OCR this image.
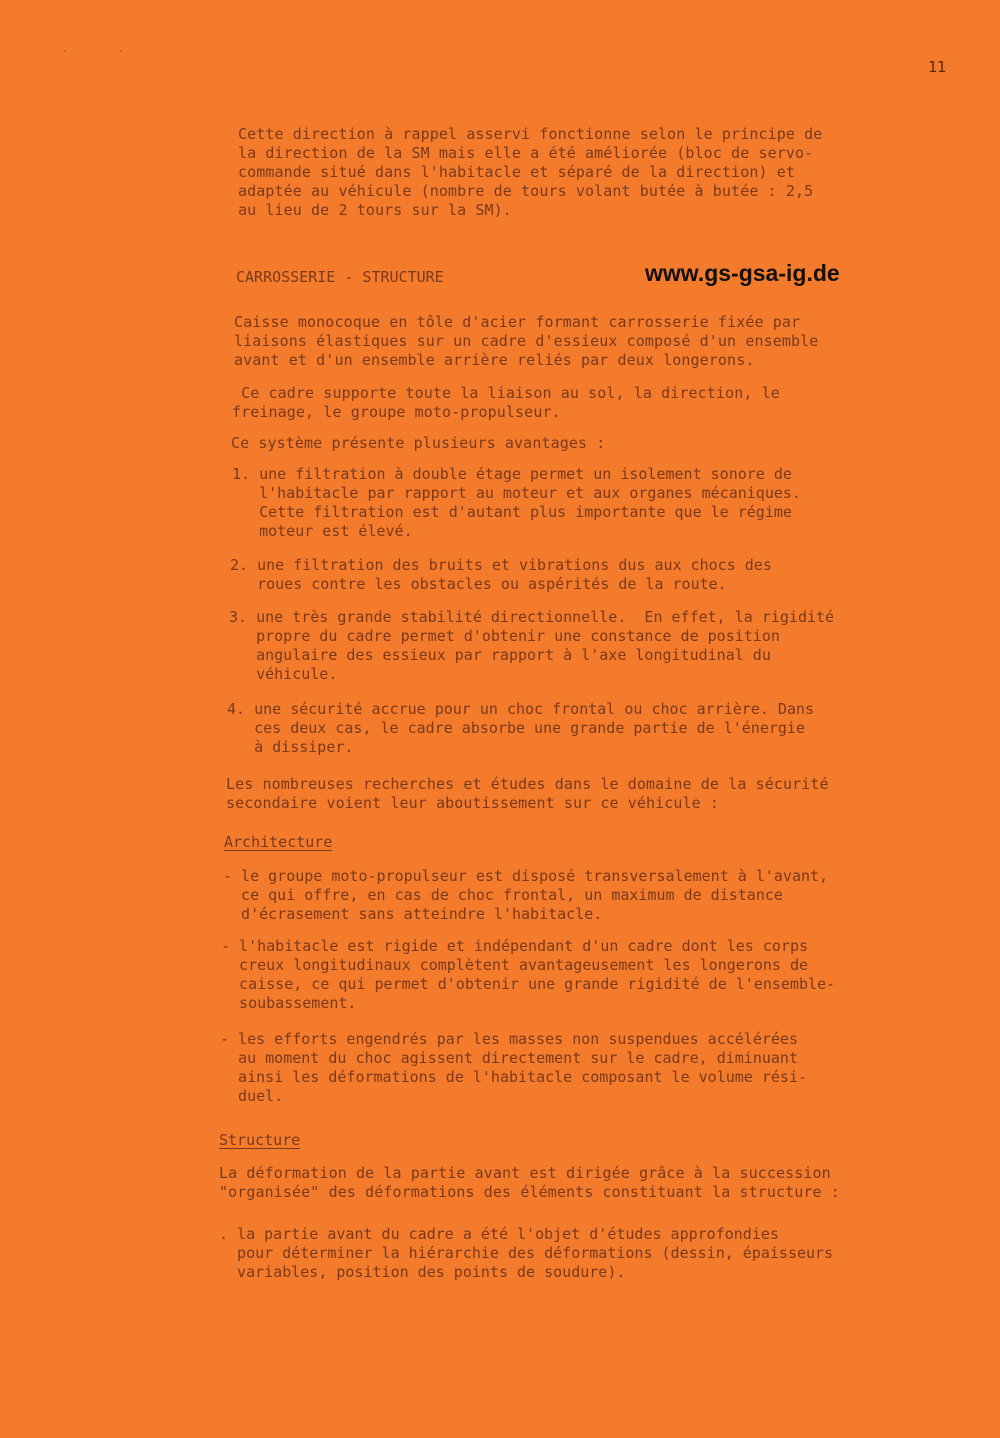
˙˙
11
Cette direction à rappel asservi fonctionne selon le principe de
la direction de la SM mais elle a été améliorée (bloc de servo-
commande situé dans l'habitacle et séparé de la direction) et
adaptée au véhicule (nombre de tours volant butée à butée : 2,5
au lieu de 2 tours sur la SM).
CARROSSERIE - STRUCTURE	www.gs-gsa-ig.de
Caisse monocoque en tôle d'acier formant carrosserie fixée par
liaisons élastiques sur un cadre d'essieux composé d'un ensemble
avant et d'un ensemble arrière reliés par deux longerons.
Ce cadre supporte toute la liaison au sol, la direction, le
freinage, le groupe moto-propulseur.
Ce système présente plusieurs avantages :
1. une filtration à double étage permet un isolement sonore de
l'habitacle par rapport au moteur et aux organes mécaniques.
Cette filtration est d'autant plus importante que le régime
moteur est élevé.
2. une filtration des bruits et vibrations dus aux chocs des
roues contre les obstacles ou aspérités de la route.
3. une très grande stabilité directionnelle.  En effet, la rigidité
propre du cadre permet d'obtenir une constance de position
angulaire des essieux par rapport à l'axe longitudinal du
véhicule.
4. une sécurité accrue pour un choc frontal ou choc arrière. Dans
ces deux cas, le cadre absorbe une grande partie de l'énergie
à dissiper.
Les nombreuses recherches et études dans le domaine de la sécurité
secondaire voient leur aboutissement sur ce véhicule :
Architecture
- le groupe moto-propulseur est disposé transversalement à l'avant,
ce qui offre, en cas de choc frontal, un maximum de distance
d'écrasement sans atteindre l'habitacle.
- l'habitacle est rigide et indépendant d'un cadre dont les corps
creux longitudinaux complètent avantageusement les longerons de
caisse, ce qui permet d'obtenir une grande rigidité de l'ensemble-
soubassement.
- les efforts engendrés par les masses non suspendues accélérées
au moment du choc agissent directement sur le cadre, diminuant
ainsi les déformations de l'habitacle composant le volume rési-
duel.
Structure
La déformation de la partie avant est dirigée grâce à la succession
"organisée" des déformations des éléments constituant la structure :
. la partie avant du cadre a été l'objet d'études approfondies
pour déterminer la hiérarchie des déformations (dessin, épaisseurs
variables, position des points de soudure).
